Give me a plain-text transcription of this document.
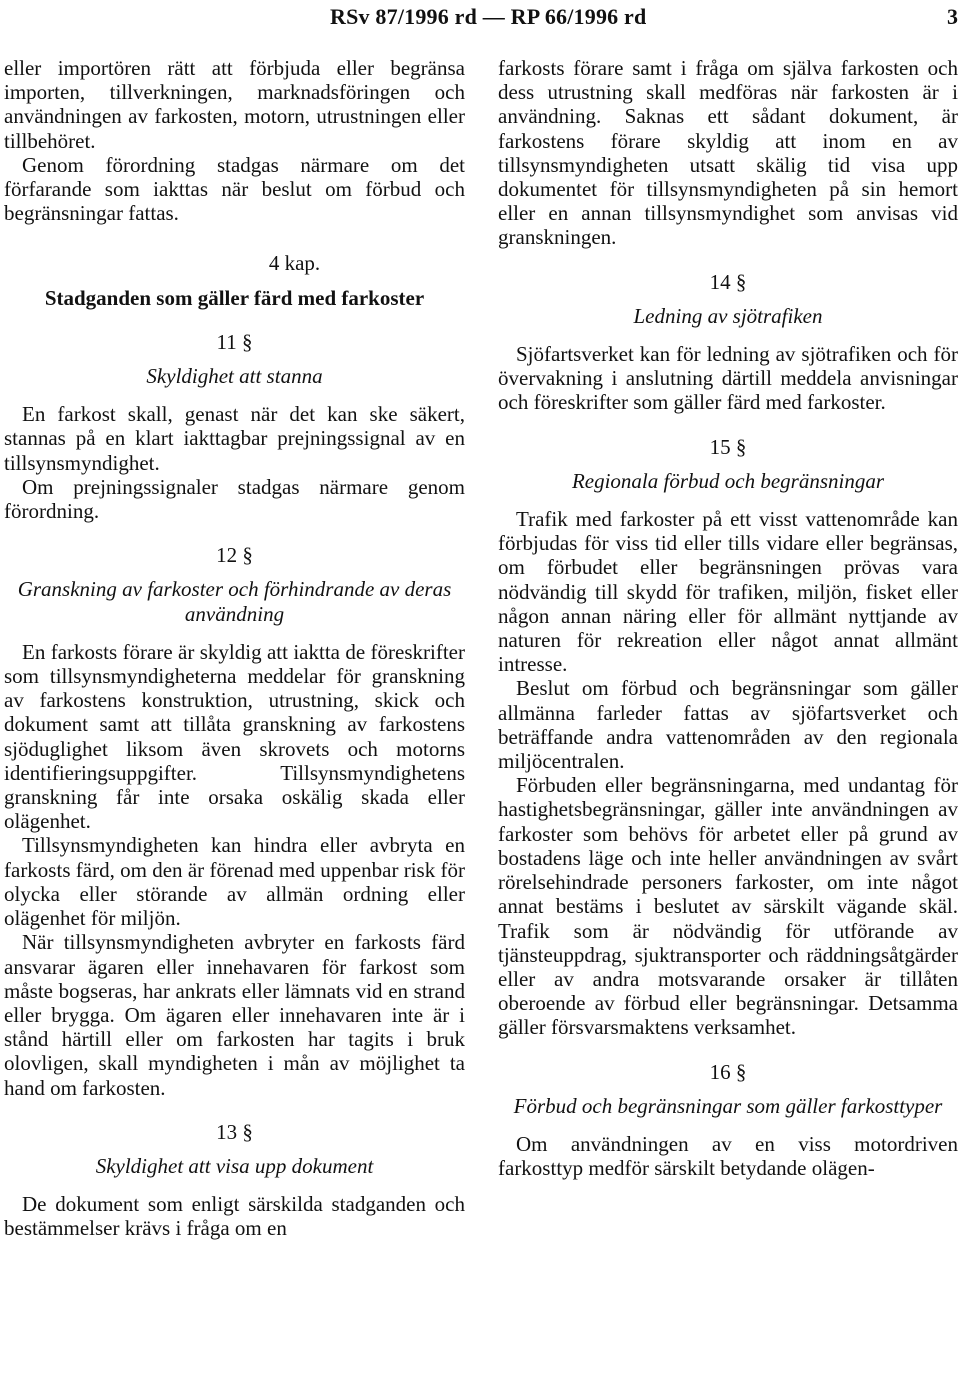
RSv 87/1996 rd — RP 66/1996 rd	3

eller importören rätt att förbjuda eller begränsa importen, tillverkningen, marknadsföringen och användningen av farkosten, motorn, utrustningen eller tillbehöret.

Genom förordning stadgas närmare om det förfarande som iakttas när beslut om förbud och begränsningar fattas.

4 kap.
Stadganden som gäller färd med farkoster
11 §
Skyldighet att stanna

En farkost skall, genast när det kan ske säkert, stannas på en klart iakttagbar prejningssignal av en tillsynsmyndighet.

Om prejningssignaler stadgas närmare genom förordning.

12 §
Granskning av farkoster och förhindrande av deras användning

En farkosts förare är skyldig att iaktta de föreskrifter som tillsynsmyndigheterna meddelar för granskning av farkostens konstruktion, utrustning, skick och dokument samt att tillåta granskning av farkostens sjöduglighet liksom även skrovets och motorns identifieringsuppgifter. Tillsynsmyndighetens granskning får inte orsaka oskälig skada eller olägenhet.

Tillsynsmyndigheten kan hindra eller avbryta en farkosts färd, om den är förenad med uppenbar risk för olycka eller störande av allmän ordning eller olägenhet för miljön.

När tillsynsmyndigheten avbryter en farkosts färd ansvarar ägaren eller innehavaren för farkost som måste bogseras, har ankrats eller lämnats vid en strand eller brygga. Om ägaren eller innehavaren inte är i stånd härtill eller om farkosten har tagits i bruk olovligen, skall myndigheten i mån av möjlighet ta hand om farkosten.

13 §
Skyldighet att visa upp dokument

De dokument som enligt särskilda stadganden och bestämmelser krävs i fråga om en

farkosts förare samt i fråga om själva farkosten och dess utrustning skall medföras när farkosten är i användning. Saknas ett sådant dokument, är farkostens förare skyldig att inom en av tillsynsmyndigheten utsatt skälig tid visa upp dokumentet för tillsynsmyndigheten på sin hemort eller en annan tillsynsmyndighet som anvisas vid granskningen.

14 §
Ledning av sjötrafiken

Sjöfartsverket kan för ledning av sjötrafiken och för övervakning i anslutning därtill meddela anvisningar och föreskrifter som gäller färd med farkoster.

15 §
Regionala förbud och begränsningar

Trafik med farkoster på ett visst vattenområde kan förbjudas för viss tid eller tills vidare eller begränsas, om förbudet eller begränsningen prövas vara nödvändig till skydd för trafiken, miljön, fisket eller någon annan näring eller för allmänt nyttjande av naturen för rekreation eller något annat allmänt intresse.

Beslut om förbud och begränsningar som gäller allmänna farleder fattas av sjöfartsverket och beträffande andra vattenområden av den regionala miljöcentralen.

Förbuden eller begränsningarna, med undantag för hastighetsbegränsningar, gäller inte användningen av farkoster som behövs för arbetet eller på grund av bostadens läge och inte heller användningen av svårt rörelsehindrade personers farkoster, om inte något annat bestäms i beslutet av särskilt vägande skäl. Trafik som är nödvändig för utförande av tjänsteuppdrag, sjuktransporter och räddningsåtgärder eller av andra motsvarande orsaker är tillåten oberoende av förbud eller begränsningar. Detsamma gäller försvarsmaktens verksamhet.

16 §
Förbud och begränsningar som gäller farkosttyper

Om användningen av en viss motordriven farkosttyp medför särskilt betydande olägen-
